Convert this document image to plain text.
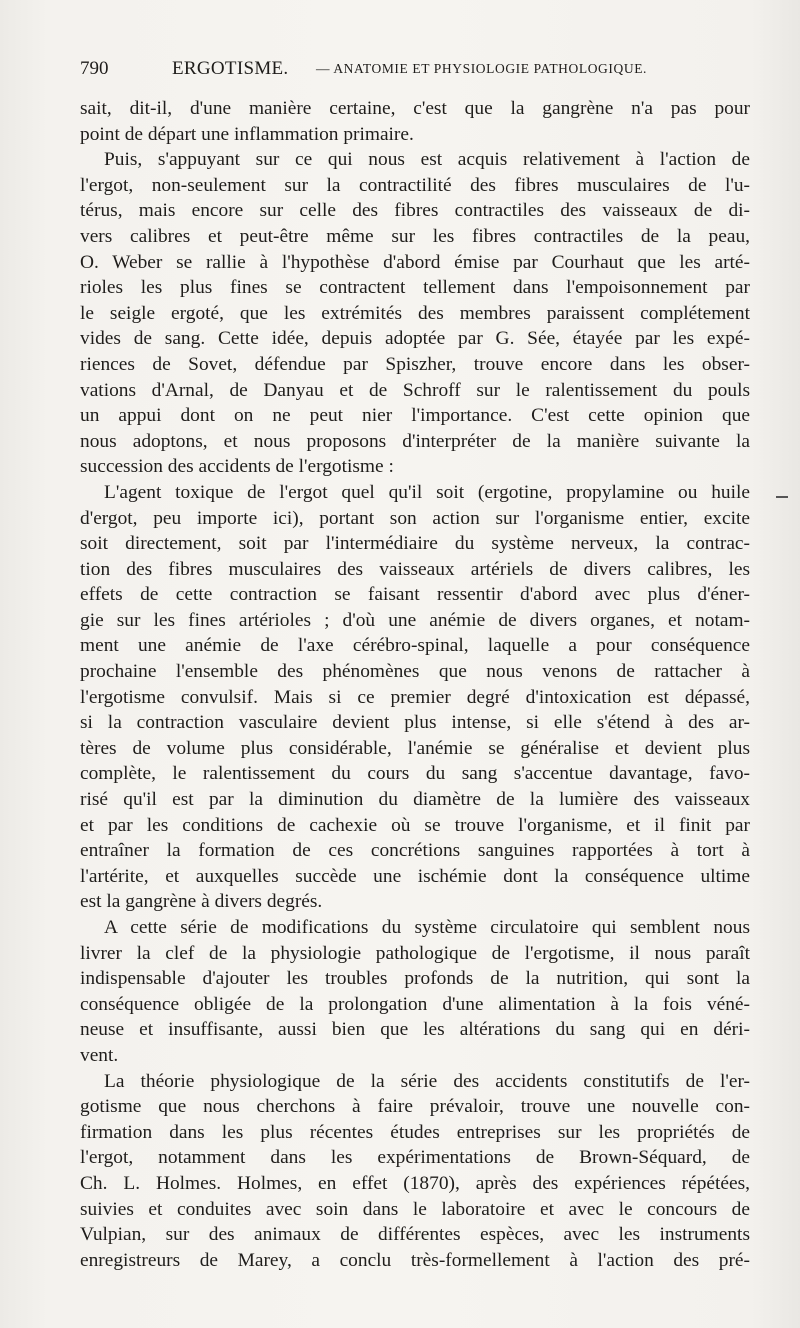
790	ERGOTISME. — ANATOMIE ET PHYSIOLOGIE PATHOLOGIQUE.
sait, dit-il, d'une manière certaine, c'est que la gangrène n'a pas pour
point de départ une inflammation primaire.
Puis, s'appuyant sur ce qui nous est acquis relativement à l'action de
l'ergot, non-seulement sur la contractilité des fibres musculaires de l'u-
térus, mais encore sur celle des fibres contractiles des vaisseaux de di-
vers calibres et peut-être même sur les fibres contractiles de la peau,
O. Weber se rallie à l'hypothèse d'abord émise par Courhaut que les arté-
rioles les plus fines se contractent tellement dans l'empoisonnement par
le seigle ergoté, que les extrémités des membres paraissent complétement
vides de sang. Cette idée, depuis adoptée par G. Sée, étayée par les expé-
riences de Sovet, défendue par Spiszher, trouve encore dans les obser-
vations d'Arnal, de Danyau et de Schroff sur le ralentissement du pouls
un appui dont on ne peut nier l'importance. C'est cette opinion que
nous adoptons, et nous proposons d'interpréter de la manière suivante la
succession des accidents de l'ergotisme :
L'agent toxique de l'ergot quel qu'il soit (ergotine, propylamine ou huile
d'ergot, peu importe ici), portant son action sur l'organisme entier, excite
soit directement, soit par l'intermédiaire du système nerveux, la contrac-
tion des fibres musculaires des vaisseaux artériels de divers calibres, les
effets de cette contraction se faisant ressentir d'abord avec plus d'éner-
gie sur les fines artérioles ; d'où une anémie de divers organes, et notam-
ment une anémie de l'axe cérébro-spinal, laquelle a pour conséquence
prochaine l'ensemble des phénomènes que nous venons de rattacher à
l'ergotisme convulsif. Mais si ce premier degré d'intoxication est dépassé,
si la contraction vasculaire devient plus intense, si elle s'étend à des ar-
tères de volume plus considérable, l'anémie se généralise et devient plus
complète, le ralentissement du cours du sang s'accentue davantage, favo-
risé qu'il est par la diminution du diamètre de la lumière des vaisseaux
et par les conditions de cachexie où se trouve l'organisme, et il finit par
entraîner la formation de ces concrétions sanguines rapportées à tort à
l'artérite, et auxquelles succède une ischémie dont la conséquence ultime
est la gangrène à divers degrés.
A cette série de modifications du système circulatoire qui semblent nous
livrer la clef de la physiologie pathologique de l'ergotisme, il nous paraît
indispensable d'ajouter les troubles profonds de la nutrition, qui sont la
conséquence obligée de la prolongation d'une alimentation à la fois véné-
neuse et insuffisante, aussi bien que les altérations du sang qui en déri-
vent.
La théorie physiologique de la série des accidents constitutifs de l'er-
gotisme que nous cherchons à faire prévaloir, trouve une nouvelle con-
firmation dans les plus récentes études entreprises sur les propriétés de
l'ergot, notamment dans les expérimentations de Brown-Séquard, de
Ch. L. Holmes. Holmes, en effet (1870), après des expériences répétées,
suivies et conduites avec soin dans le laboratoire et avec le concours de
Vulpian, sur des animaux de différentes espèces, avec les instruments
enregistreurs de Marey, a conclu très-formellement à l'action des pré-
